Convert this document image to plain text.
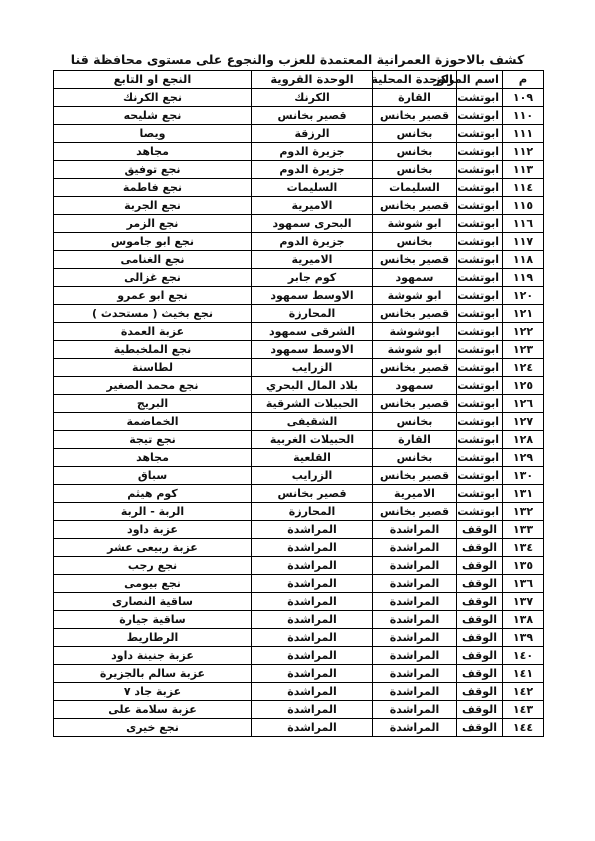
كشف بالاحوزة العمرانية المعتمدة للعزب والنجوع على مستوى محافظة قنا
م	اسم المركز	الوحدة المحلية	الوحدة القروية	النجع او التابع
١٠٩	ابوتشت	القارة	الكرنك	نجع الكرنك
١١٠	ابوتشت	قصير بخانس	قصير بخانس	نجع شليحه
١١١	ابوتشت	بخانس	الرزقة	ويصا
١١٢	ابوتشت	بخانس	جزيرة الدوم	مجاهد
١١٣	ابوتشت	بخانس	جزيرة الدوم	نجع توفيق
١١٤	ابوتشت	السليمات	السليمات	نجع فاطمة
١١٥	ابوتشت	قصير بخانس	الاميرية	نجع الجربة
١١٦	ابوتشت	ابو شوشة	البحرى سمهود	نجع الزمر
١١٧	ابوتشت	بخانس	جزيرة الدوم	نجع ابو جاموس
١١٨	ابوتشت	قصير بخانس	الاميرية	نجع الغنامى
١١٩	ابوتشت	سمهود	كوم جابر	نجع غزالى
١٢٠	ابوتشت	ابو شوشة	الاوسط سمهود	نجع ابو عمرو
١٢١	ابوتشت	قصير بخانس	المحارزة	نجع بخيث ( مستحدث )
١٢٢	ابوتشت	ابوشوشة	الشرقى سمهود	عزبة العمدة
١٢٣	ابوتشت	ابو شوشة	الاوسط سمهود	نجع الملخبطية
١٢٤	ابوتشت	قصير بخانس	الزرايب	لطاسنة
١٢٥	ابوتشت	سمهود	بلاد المال البحري	نجع محمد الصغير
١٢٦	ابوتشت	قصير بخانس	الحبيلات الشرقية	البريج
١٢٧	ابوتشت	بخانس	الشقيفى	الخماضمة
١٢٨	ابوتشت	القارة	الحبيلات الغربية	نجع تيجة
١٢٩	ابوتشت	بخانس	القلعية	مجاهد
١٣٠	ابوتشت	قصير بخانس	الزرايب	سباق
١٣١	ابوتشت	الاميرية	قصير بخانس	كوم هيثم
١٣٢	ابوتشت	قصير بخانس	المحارزة	الربة - الربة
١٣٣	الوقف	المراشدة	المراشدة	عزبة داود
١٣٤	الوقف	المراشدة	المراشدة	عزبة ربيعى عشر
١٣٥	الوقف	المراشدة	المراشدة	نجع رجب
١٣٦	الوقف	المراشدة	المراشدة	نجع بيومى
١٣٧	الوقف	المراشدة	المراشدة	ساقية النصارى
١٣٨	الوقف	المراشدة	المراشدة	ساقية جيارة
١٣٩	الوقف	المراشدة	المراشدة	الرطاريط
١٤٠	الوقف	المراشدة	المراشدة	عزبة جنينة داود
١٤١	الوقف	المراشدة	المراشدة	عزبة سالم بالجزيرة
١٤٢	الوقف	المراشدة	المراشدة	عزبة جاد ٧
١٤٣	الوقف	المراشدة	المراشدة	عزبة سلامة على
١٤٤	الوقف	المراشدة	المراشدة	نجع خيرى
